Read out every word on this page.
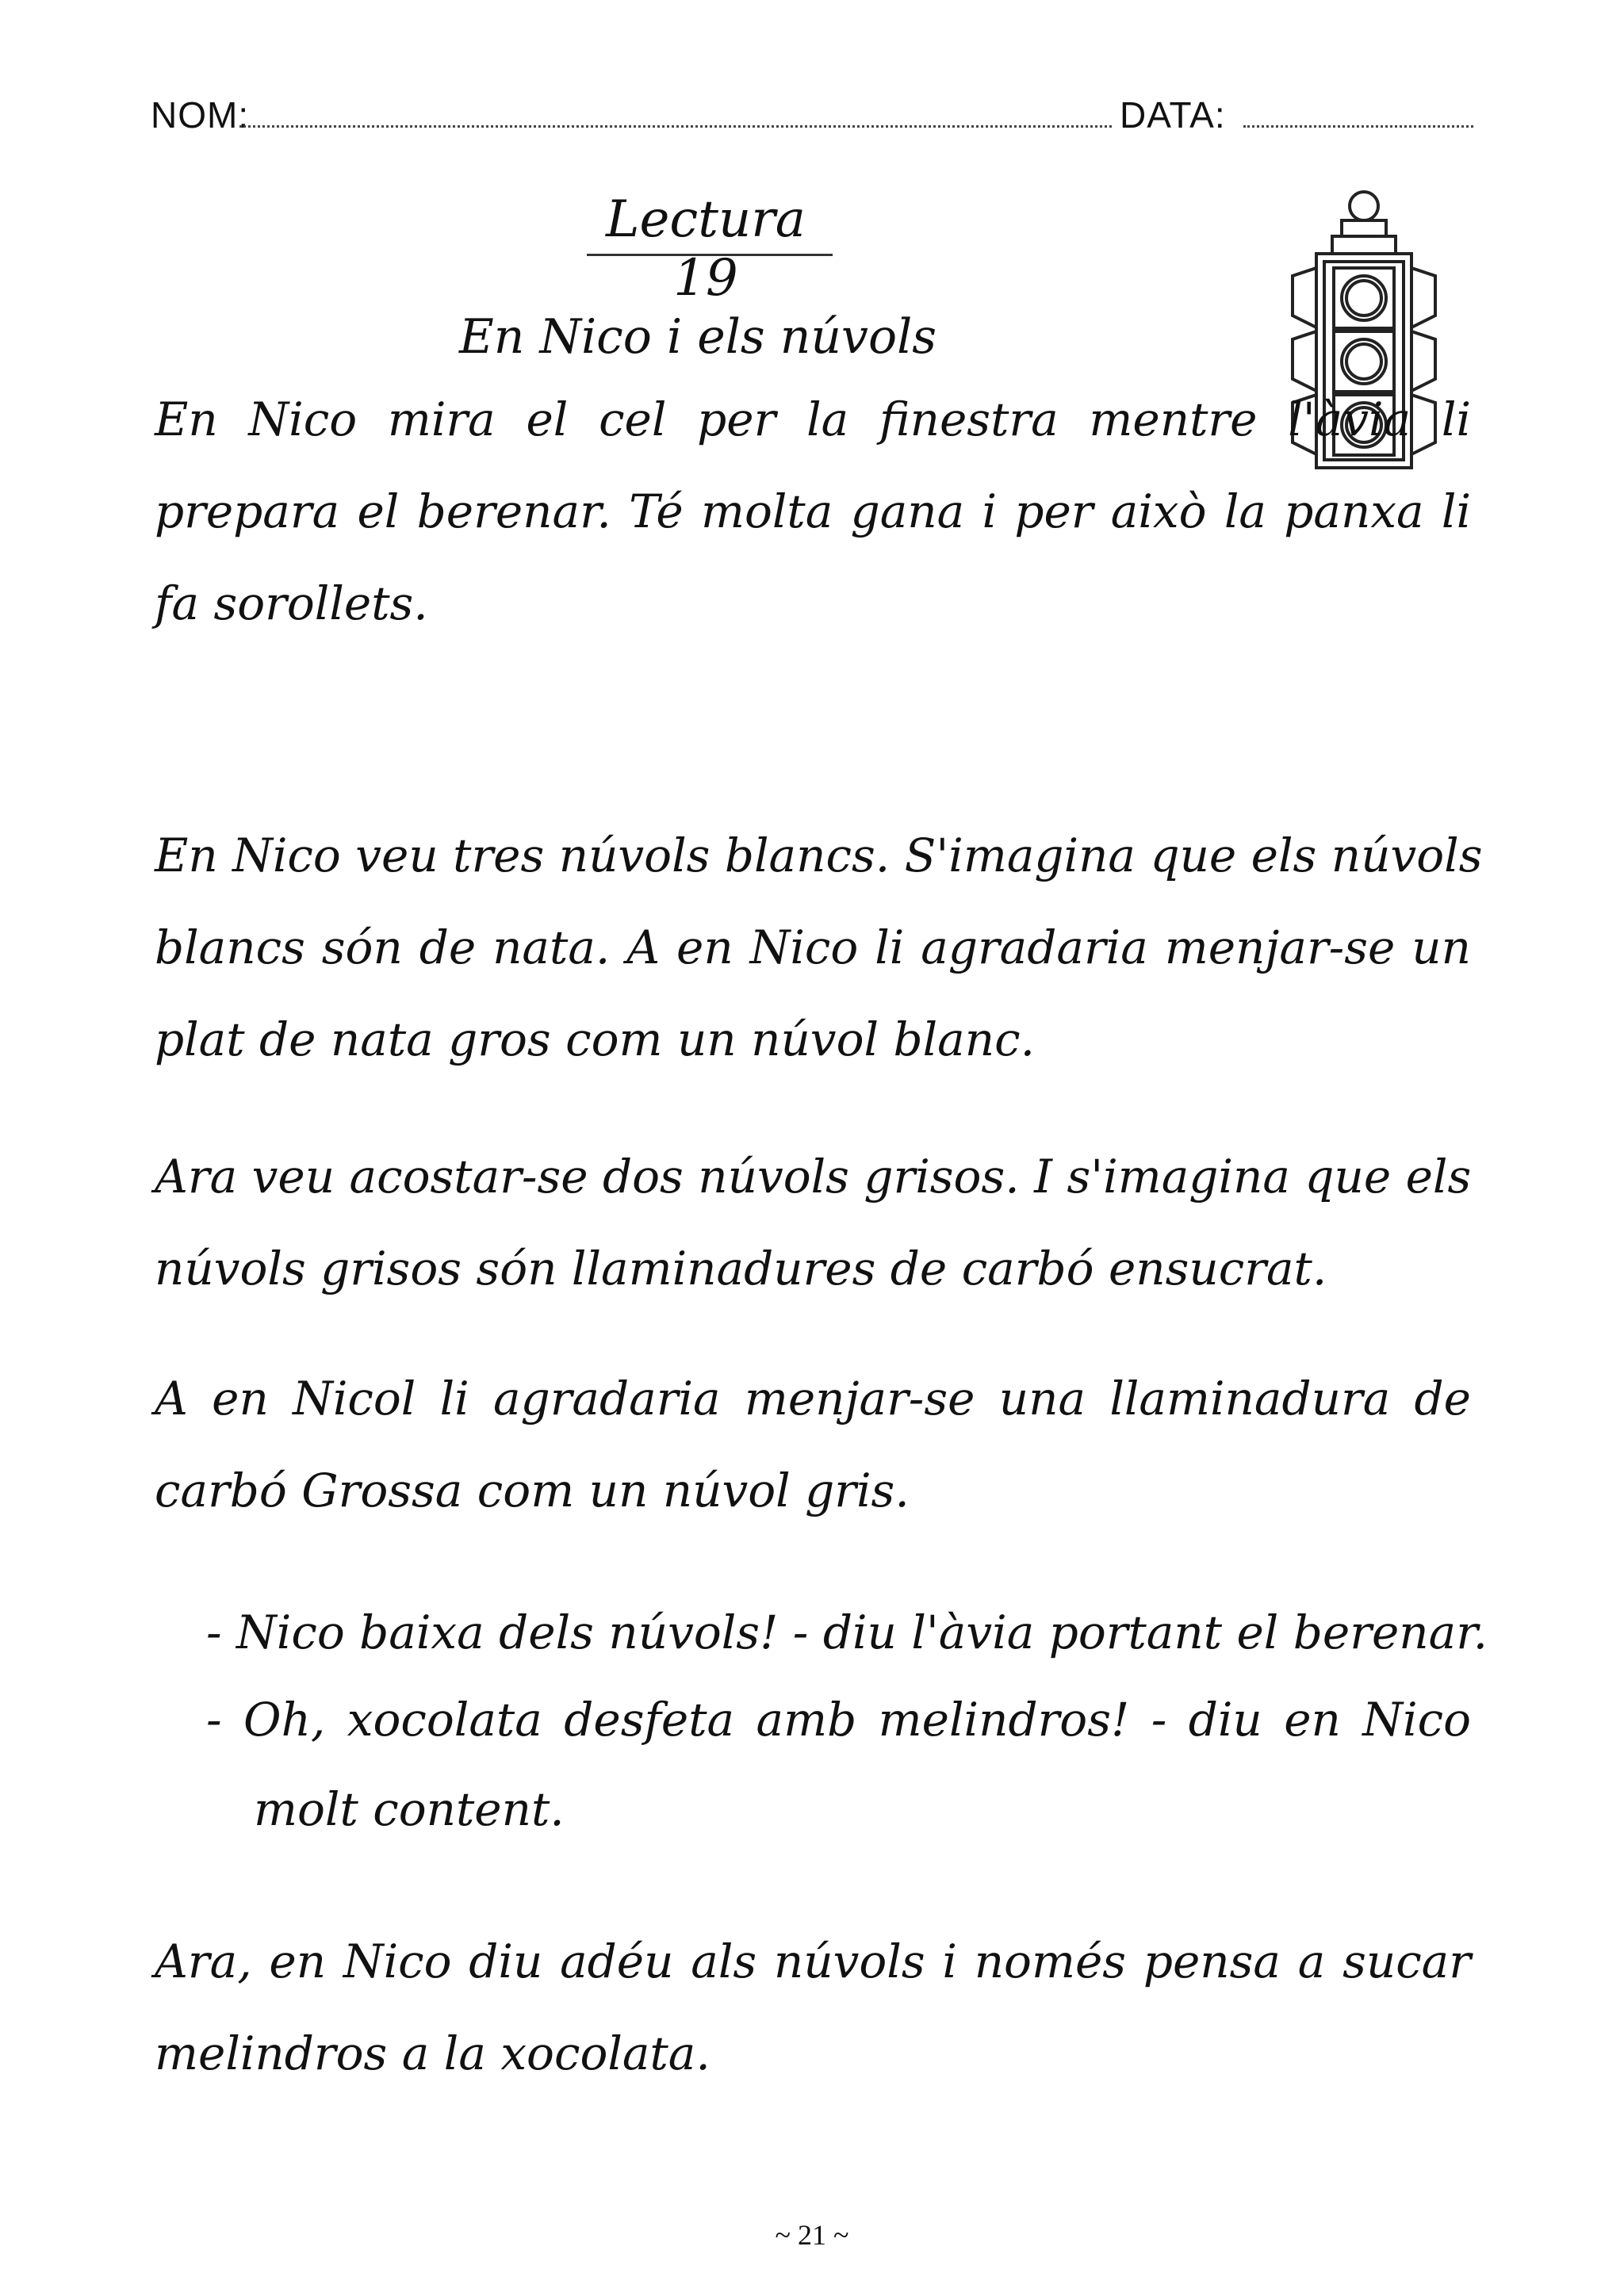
NOM:	DATA:
Lectura 19
En Nico i els núvols
En Nico mira el cel per la finestra mentre l'àvia li
prepara el berenar. Té molta gana i per això la panxa li
fa sorollets.
En Nico veu tres núvols blancs. S'imagina que els núvols
blancs són de nata. A en Nico li agradaria menjar-se un
plat de nata gros com un núvol blanc.
Ara veu acostar-se dos núvols grisos. I s'imagina que els
núvols grisos són llaminadures de carbó ensucrat.
A en Nicol li agradaria menjar-se una llaminadura de
carbó Grossa com un núvol gris.
- Nico baixa dels núvols! - diu l'àvia portant el berenar.
- Oh, xocolata desfeta amb melindros! - diu en Nico
molt content.
Ara, en Nico diu adéu als núvols i només pensa a sucar
melindros a la xocolata.
~ 21 ~
